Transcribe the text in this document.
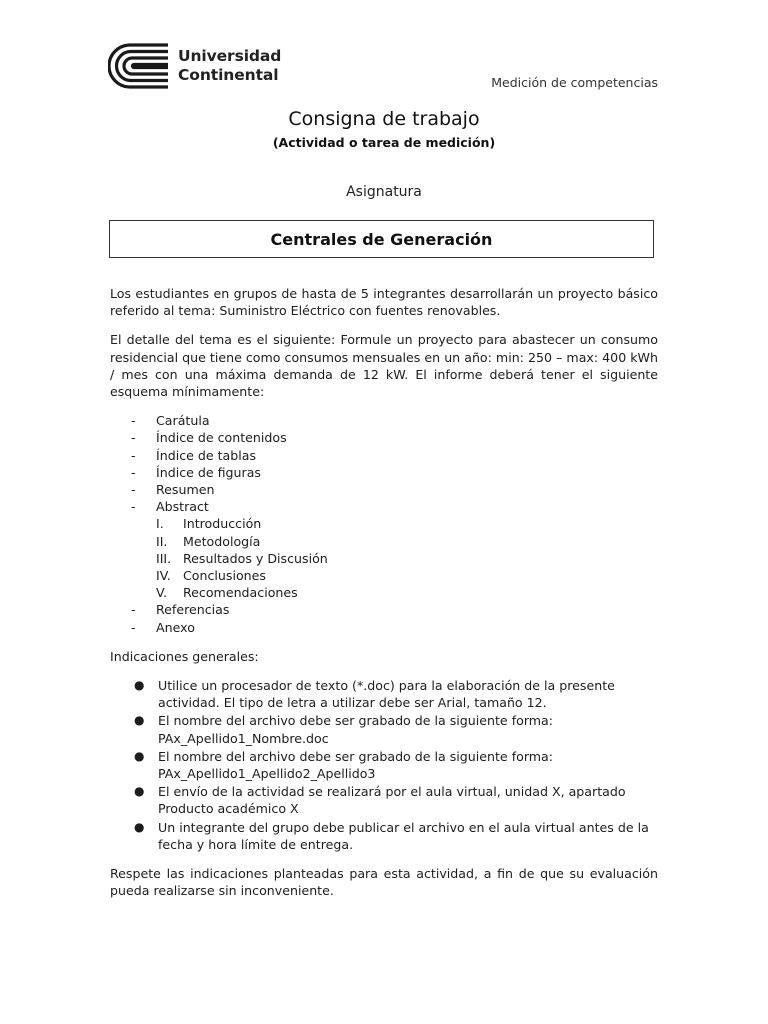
Universidad
Continental	Medición de competencias
Consigna de trabajo
(Actividad o tarea de medición)
Asignatura
Centrales de Generación

Los estudiantes en grupos de hasta de 5 integrantes desarrollarán un proyecto básico referido al tema: Suministro Eléctrico con fuentes renovables.

El detalle del tema es el siguiente: Formule un proyecto para abastecer un consumo residencial que tiene como consumos mensuales en un año: min: 250 – max: 400 kWh / mes con una máxima demanda de 12 kW. El informe deberá tener el siguiente esquema mínimamente:

- Carátula
- Índice de contenidos
- Índice de tablas
- Índice de figuras
- Resumen
- Abstract
I. Introducción
II. Metodología
III. Resultados y Discusión
IV. Conclusiones
V. Recomendaciones
- Referencias
- Anexo

Indicaciones generales:

● Utilice un procesador de texto (*.doc) para la elaboración de la presente actividad. El tipo de letra a utilizar debe ser Arial, tamaño 12.
● El nombre del archivo debe ser grabado de la siguiente forma: PAx_Apellido1_Nombre.doc
● El nombre del archivo debe ser grabado de la siguiente forma: PAx_Apellido1_Apellido2_Apellido3
● El envío de la actividad se realizará por el aula virtual, unidad X, apartado Producto académico X
● Un integrante del grupo debe publicar el archivo en el aula virtual antes de la fecha y hora límite de entrega.

Respete las indicaciones planteadas para esta actividad, a fin de que su evaluación pueda realizarse sin inconveniente.
